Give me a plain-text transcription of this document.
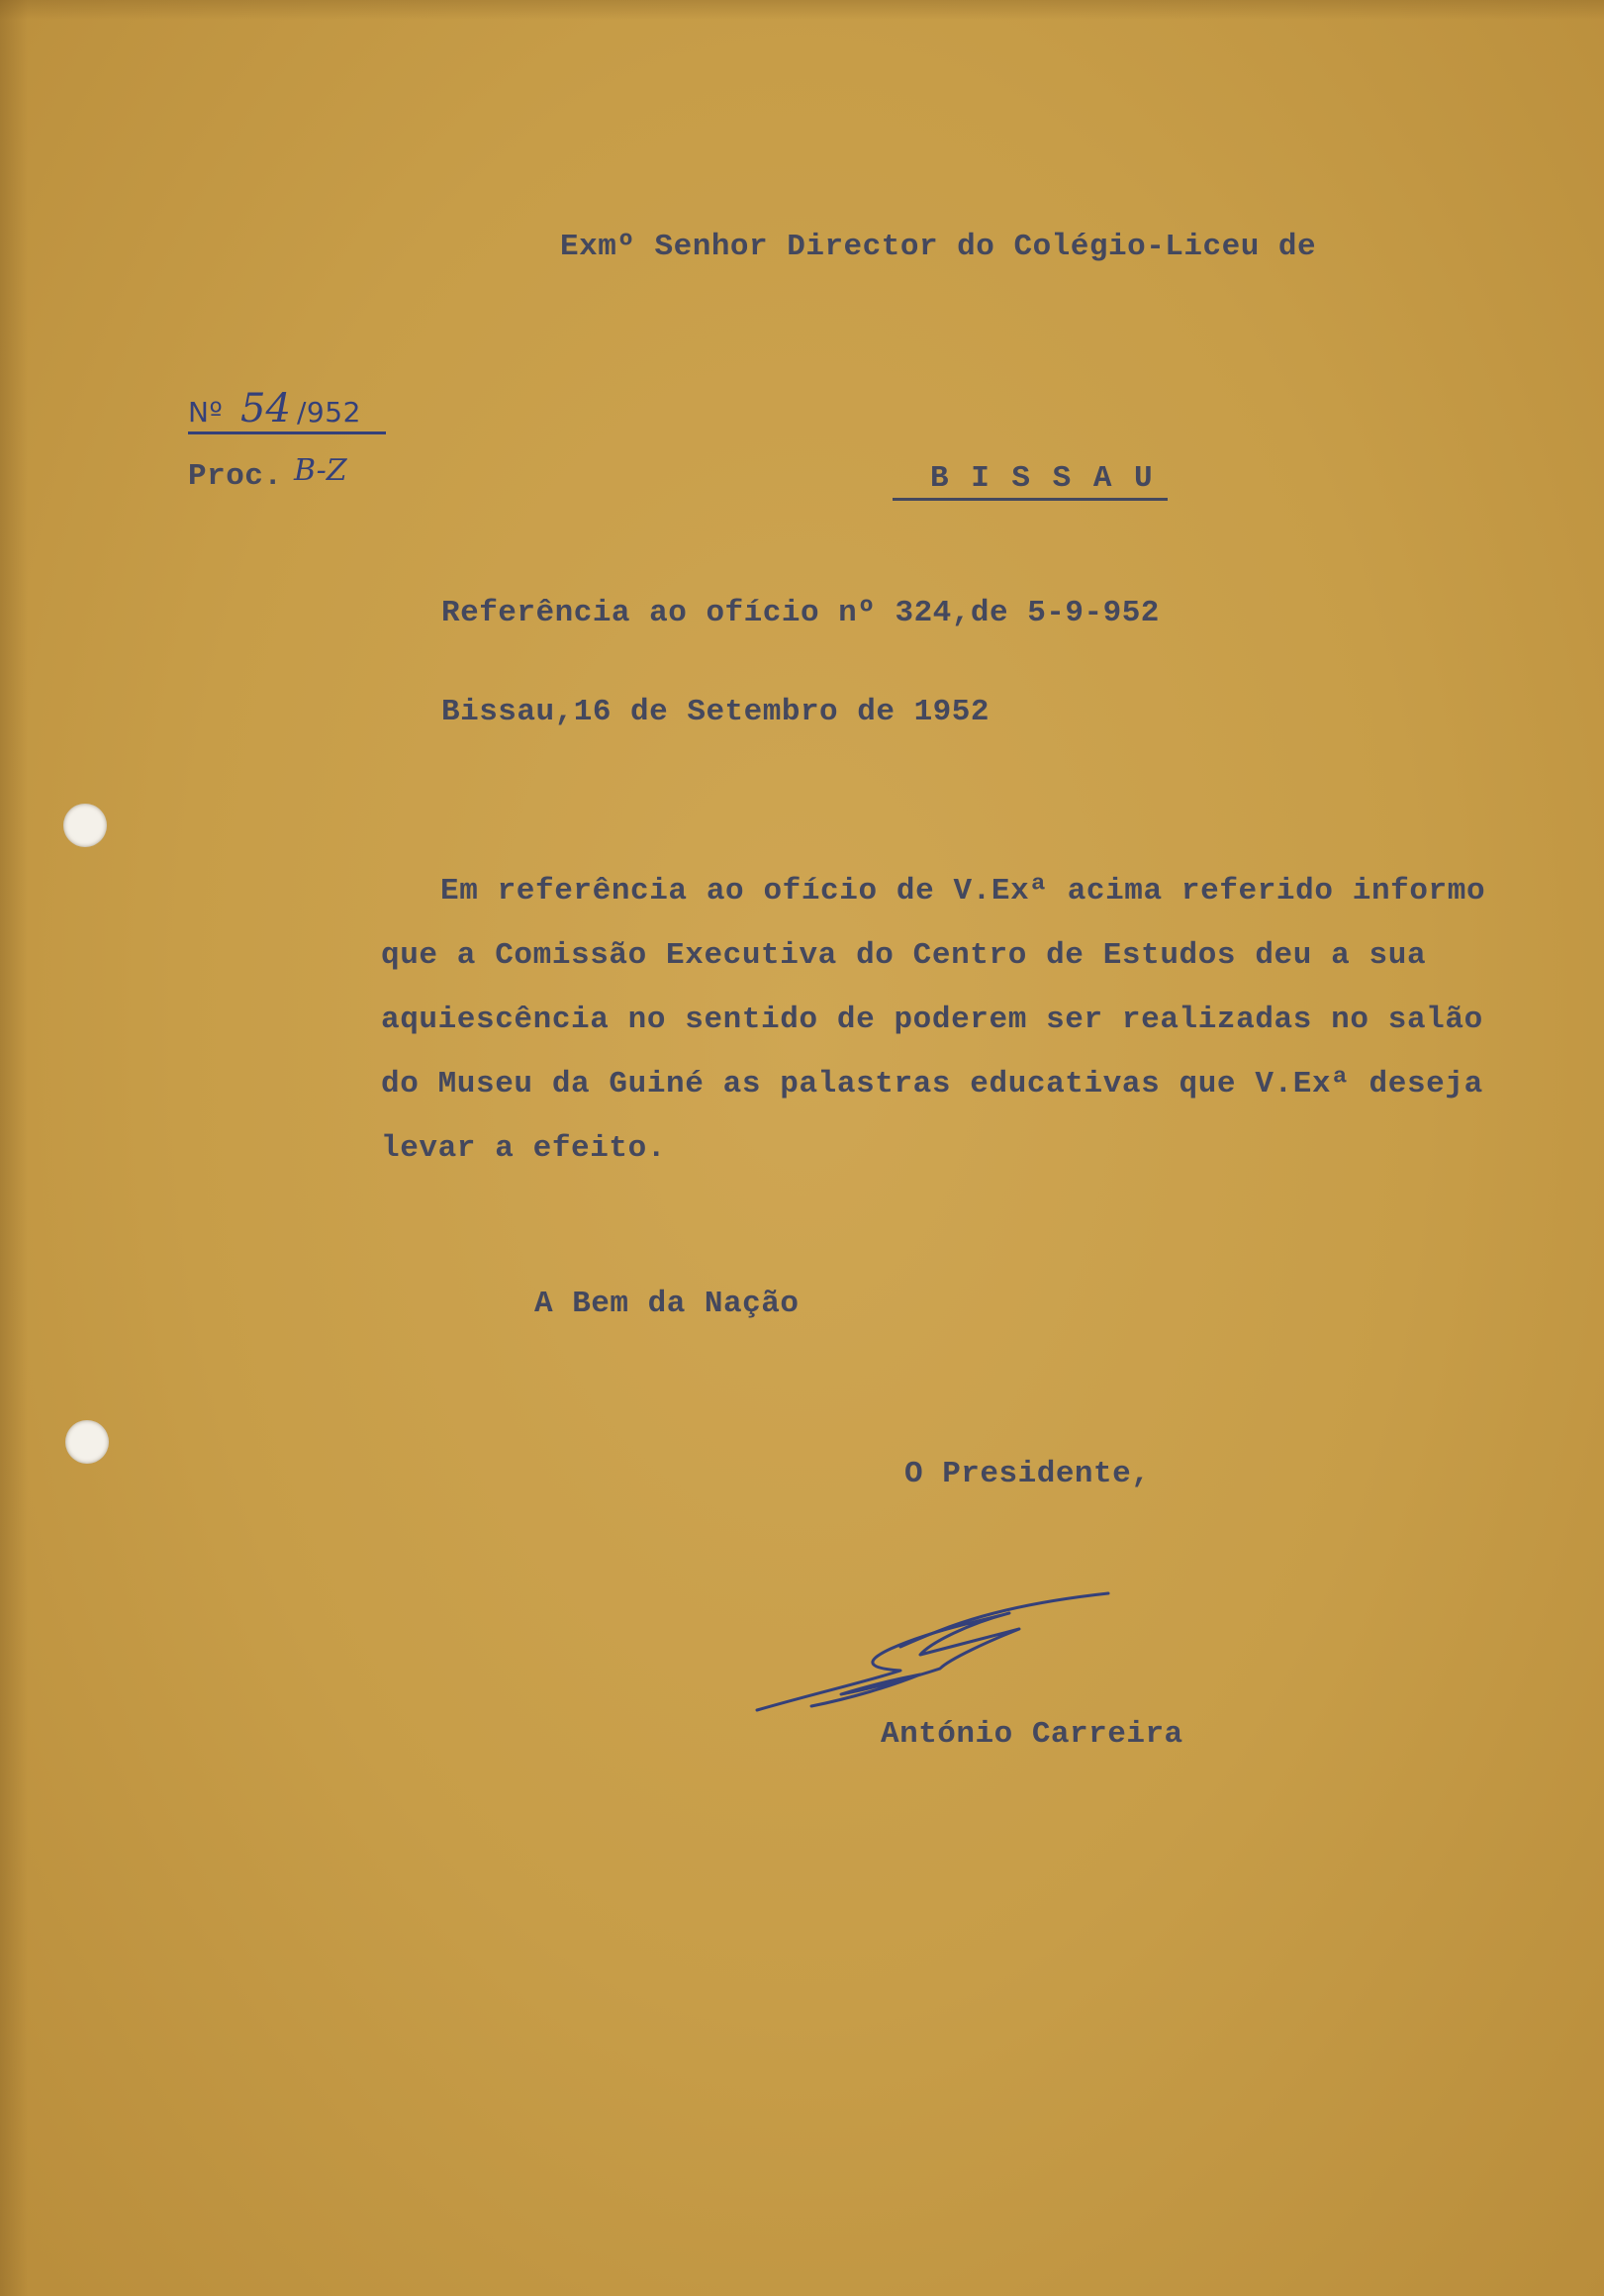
Exmº Senhor Director do Colégio-Liceu de

Nº 54 /952
Proc. B-Z	B I S S A U

Referência ao ofício nº 324,de 5-9-952

Bissau,16 de Setembro de 1952

Em referência ao ofício de V.Exª acima referido informo
que a Comissão Executiva do Centro de Estudos deu a sua
aquiescência no sentido de poderem ser realizadas no salão
do Museu da Guiné as palastras educativas que V.Exª deseja
levar a efeito.

A Bem da Nação

O Presidente,

António Carreira
